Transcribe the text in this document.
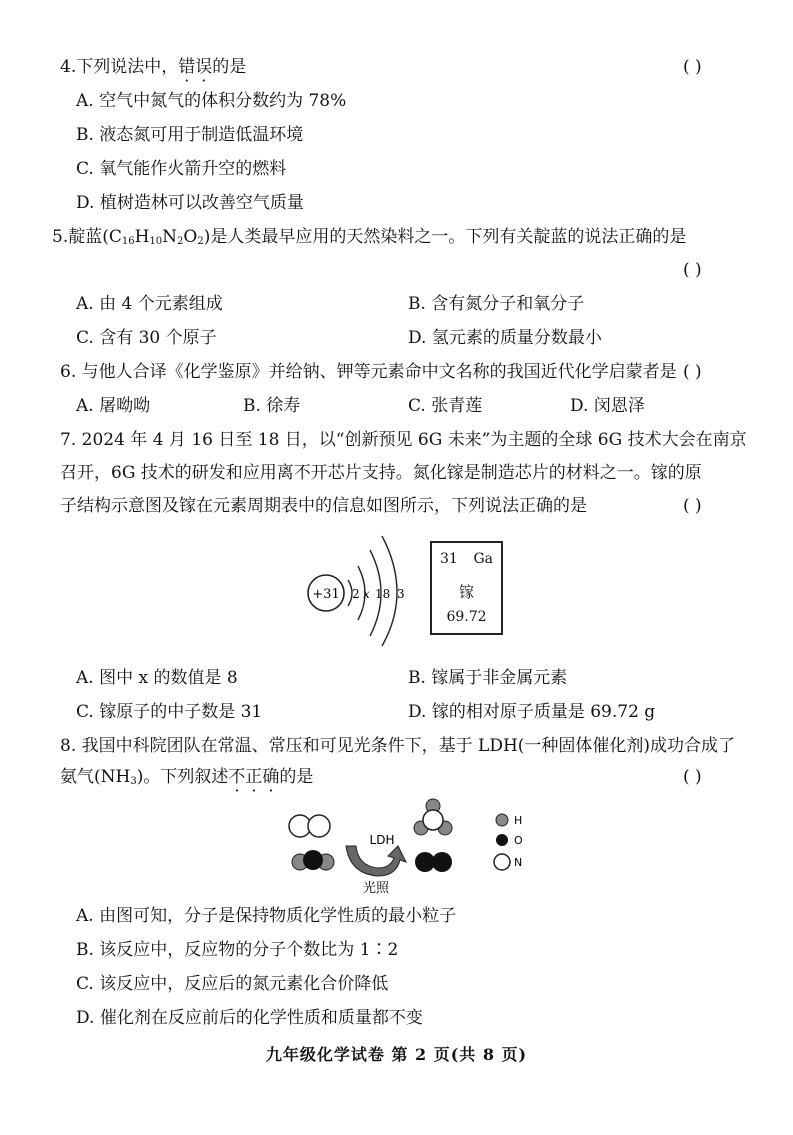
4.下列说法中，错误的是	( )
A. 空气中氮气的体积分数约为 78%
B. 液态氮可用于制造低温环境
C. 氧气能作火箭升空的燃料
D. 植树造林可以改善空气质量
5.靛蓝$(C_{16}H_{10}N_2O_2)$是人类最早应用的天然染料之一。下列有关靛蓝的说法正确的是
( )
A. 由 4 个元素组成	B. 含有氮分子和氧分子
C. 含有 30 个原子	D. 氢元素的质量分数最小
6. 与他人合译《化学鉴原》并给钠、钾等元素命中文名称的我国近代化学启蒙者是 ( )
A. 屠呦呦	B. 徐寿	C. 张青莲	D. 闵恩泽
7. 2024 年 4 月 16 日至 18 日，以“创新预见 6G 未来”为主题的全球 6G 技术大会在南京
召开，6G 技术的研发和应用离不开芯片支持。氮化镓是制造芯片的材料之一。镓的原
子结构示意图及镓在元素周期表中的信息如图所示，下列说法正确的是	( )
+31 2 x 18 3
31 Ga
镓
69.72
A. 图中 x 的数值是 8	B. 镓属于非金属元素
C. 镓原子的中子数是 31	D. 镓的相对原子质量是 69.72 g
8. 我国中科院团队在常温、常压和可见光条件下，基于 LDH(一种固体催化剂)成功合成了
氨气$(NH_3)$。下列叙述不正确的是	( )
LDH
光照
H
O
N
A. 由图可知，分子是保持物质化学性质的最小粒子
B. 该反应中，反应物的分子个数比为 1∶2
C. 该反应中，反应后的氮元素化合价降低
D. 催化剂在反应前后的化学性质和质量都不变
九年级化学试卷 第 2 页(共 8 页)
